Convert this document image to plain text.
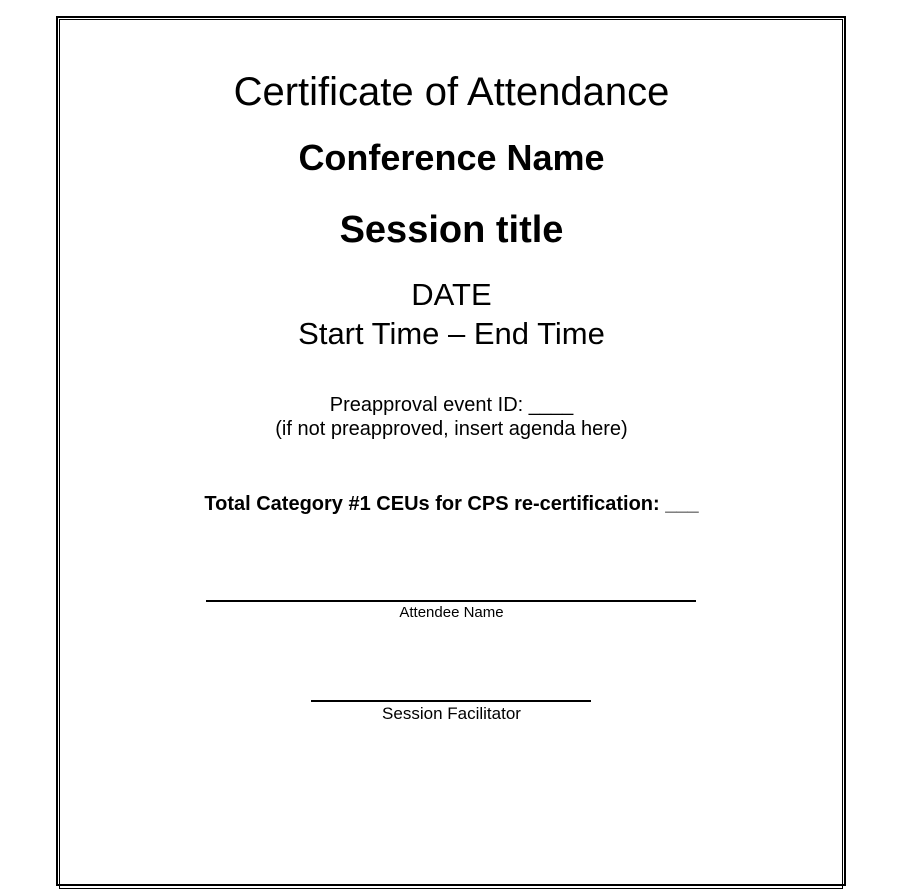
Certificate of Attendance
Conference Name
Session title
DATE
Start Time – End Time
Preapproval event ID: ____
(if not preapproved, insert agenda here)
Total Category #1 CEUs for CPS re-certification: ___
Attendee Name
Session Facilitator
